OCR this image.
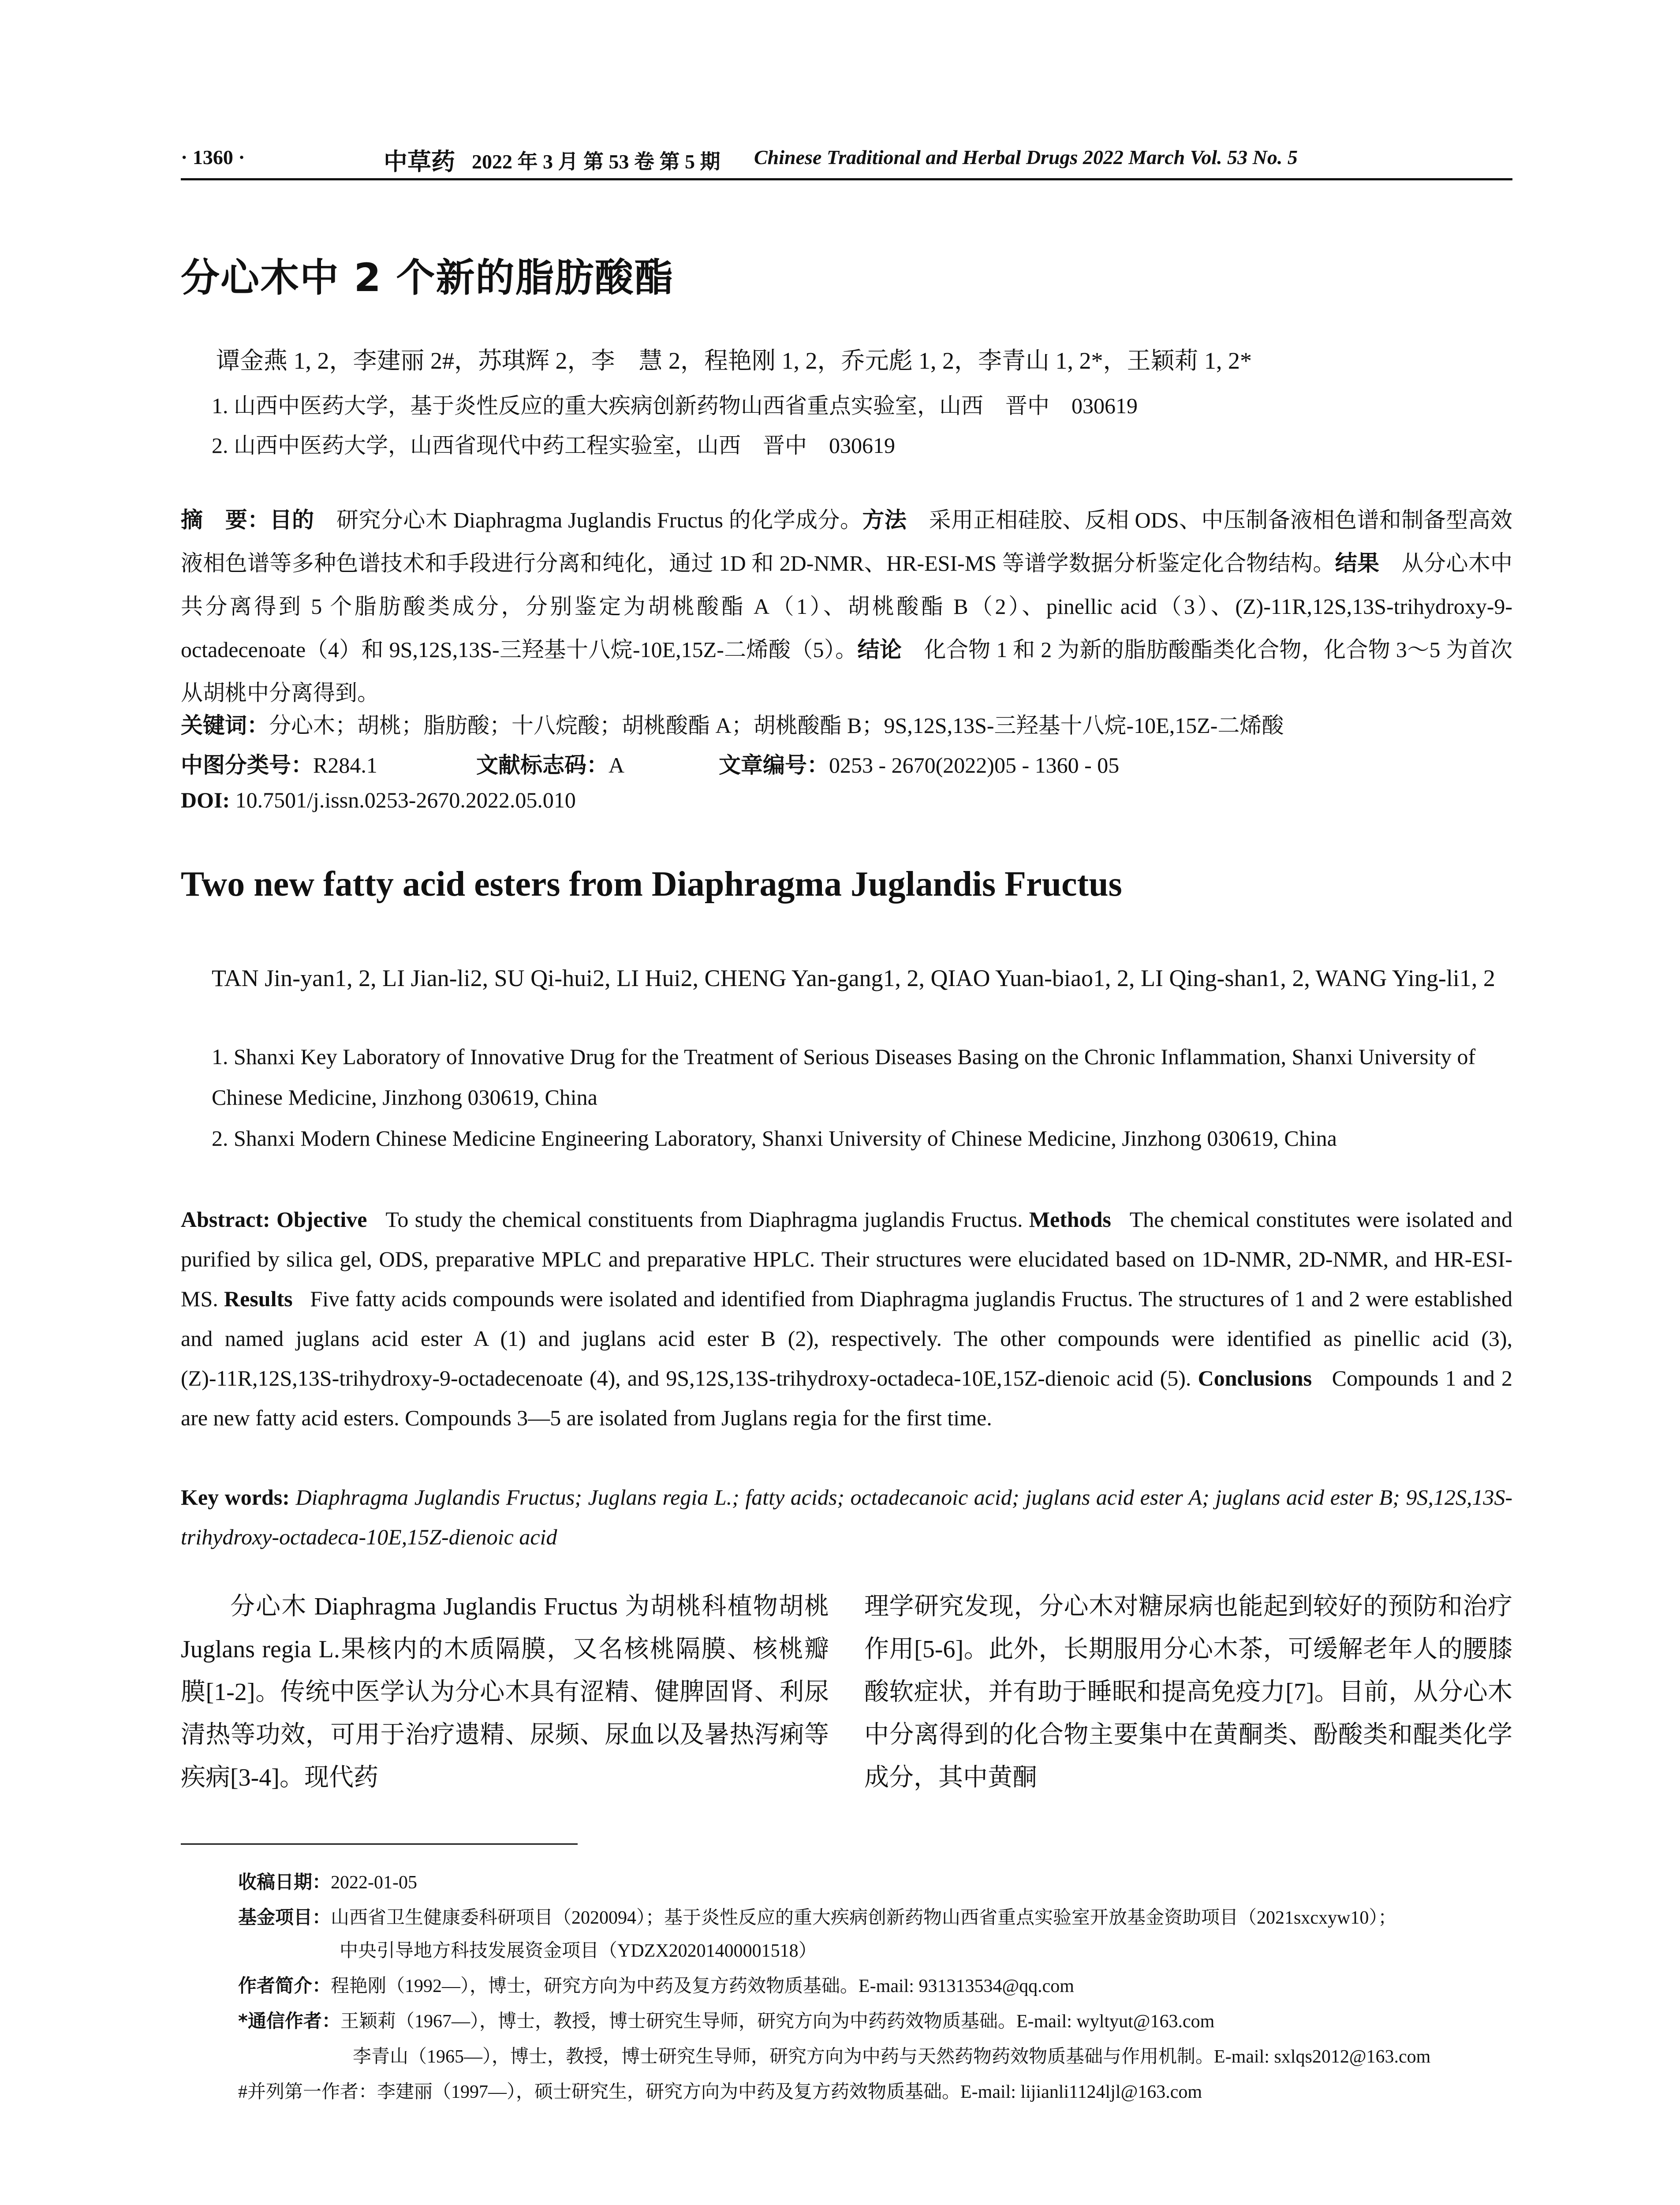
· 1360 ·	中草药 2022 年 3 月 第 53 卷 第 5 期 Chinese Traditional and Herbal Drugs 2022 March Vol. 53 No. 5
分心木中 2 个新的脂肪酸酯
谭金燕 1, 2，李建丽 2#，苏琪辉 2，李　慧 2，程艳刚 1, 2，乔元彪 1, 2，李青山 1, 2*，王颖莉 1, 2*
1. 山西中医药大学，基于炎性反应的重大疾病创新药物山西省重点实验室，山西　晋中　030619
2. 山西中医药大学，山西省现代中药工程实验室，山西　晋中　030619
摘　要：目的　 研究分心木 Diaphragma Juglandis Fructus 的化学成分。方法　 采用正相硅胶、反相 ODS、中压制备液相色谱和制备型高效液相色谱等多种色谱技术和手段进行分离和纯化，通过 1D 和 2D-NMR、HR-ESI-MS 等谱学数据分析鉴定化合物结构。结果　 从分心木中共分离得到 5 个脂肪酸类成分，分别鉴定为胡桃酸酯 A（1）、胡桃酸酯 B（2）、pinellic acid（3）、(Z)-11R,12S,13S-trihydroxy-9-octadecenoate（4）和 9S,12S,13S-三羟基十八烷-10E,15Z-二烯酸（5）。结论　 化合物 1 和 2 为新的脂肪酸酯类化合物，化合物 3～5 为首次从胡桃中分离得到。
关键词：分心木；胡桃；脂肪酸；十八烷酸；胡桃酸酯 A；胡桃酸酯 B；9S,12S,13S-三羟基十八烷-10E,15Z-二烯酸
中图分类号：R284.1	文献标志码：A	文章编号：0253 - 2670(2022)05 - 1360 - 05
DOI: 10.7501/j.issn.0253-2670.2022.05.010
Two new fatty acid esters from Diaphragma Juglandis Fructus
TAN Jin-yan1, 2, LI Jian-li2, SU Qi-hui2, LI Hui2, CHENG Yan-gang1, 2, QIAO Yuan-biao1, 2, LI Qing-shan1, 2, WANG Ying-li1, 2
1. Shanxi Key Laboratory of Innovative Drug for the Treatment of Serious Diseases Basing on the Chronic Inflammation, Shanxi University of Chinese Medicine, Jinzhong 030619, China
2. Shanxi Modern Chinese Medicine Engineering Laboratory, Shanxi University of Chinese Medicine, Jinzhong 030619, China
Abstract: Objective To study the chemical constituents from Diaphragma juglandis Fructus. Methods The chemical constitutes were isolated and purified by silica gel, ODS, preparative MPLC and preparative HPLC. Their structures were elucidated based on 1D-NMR, 2D-NMR, and HR-ESI-MS. Results Five fatty acids compounds were isolated and identified from Diaphragma juglandis Fructus. The structures of 1 and 2 were established and named juglans acid ester A (1) and juglans acid ester B (2), respectively. The other compounds were identified as pinellic acid (3), (Z)-11R,12S,13S-trihydroxy-9-octadecenoate (4), and 9S,12S,13S-trihydroxy-octadeca-10E,15Z-dienoic acid (5). Conclusions Compounds 1 and 2 are new fatty acid esters. Compounds 3—5 are isolated from Juglans regia for the first time.
Key words: Diaphragma Juglandis Fructus; Juglans regia L.; fatty acids; octadecanoic acid; juglans acid ester A; juglans acid ester B; 9S,12S,13S- trihydroxy-octadeca-10E,15Z-dienoic acid
分心木 Diaphragma Juglandis Fructus 为胡桃科植物胡桃 Juglans regia L.果核内的木质隔膜，又名核桃隔膜、核桃瓣膜[1-2]。传统中医学认为分心木具有涩精、健脾固肾、利尿清热等功效，可用于治疗遗精、尿频、尿血以及暑热泻痢等疾病[3-4]。现代药
理学研究发现，分心木对糖尿病也能起到较好的预防和治疗作用[5-6]。此外，长期服用分心木茶，可缓解老年人的腰膝酸软症状，并有助于睡眠和提高免疫力[7]。目前，从分心木中分离得到的化合物主要集中在黄酮类、酚酸类和醌类化学成分，其中黄酮
收稿日期：2022-01-05
基金项目：山西省卫生健康委科研项目（2020094）；基于炎性反应的重大疾病创新药物山西省重点实验室开放基金资助项目（2021sxcxyw10）；
中央引导地方科技发展资金项目（YDZX20201400001518）
作者简介：程艳刚（1992—），博士，研究方向为中药及复方药效物质基础。E-mail: 931313534@qq.com
*通信作者：王颖莉（1967—），博士，教授，博士研究生导师，研究方向为中药药效物质基础。E-mail: wyltyut@163.com
李青山（1965—），博士，教授，博士研究生导师，研究方向为中药与天然药物药效物质基础与作用机制。E-mail: sxlqs2012@163.com
#并列第一作者：李建丽（1997—），硕士研究生，研究方向为中药及复方药效物质基础。E-mail: lijianli1124ljl@163.com
